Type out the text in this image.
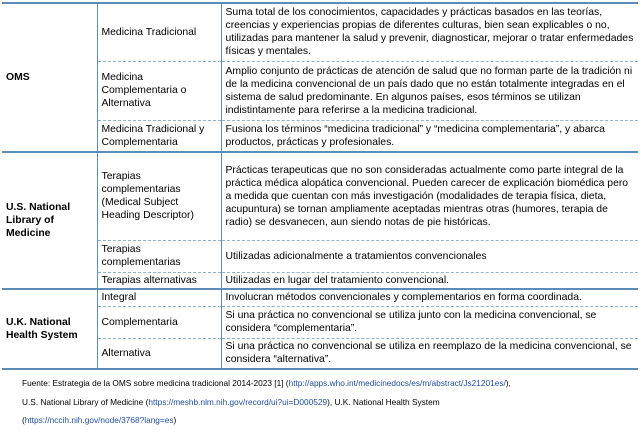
OMS	Medicina Tradicional	Suma total de los conocimientos, capacidades y prácticas basados en las teorías, creencias y experiencias propias de diferentes culturas, bien sean explicables o no, utilizadas para mantener la salud y prevenir, diagnosticar, mejorar o tratar enfermedades físicas y mentales.
	Medicina Complementaria o Alternativa	Amplio conjunto de prácticas de atención de salud que no forman parte de la tradición ni de la medicina convencional de un país dado que no están totalmente integradas en el sistema de salud predominante. En algunos países, esos términos se utilizan indistintamente para referirse a la medicina tradicional.
	Medicina Tradicional y Complementaria	Fusiona los términos “medicina tradicional” y “medicina complementaria”, y abarca productos, prácticas y profesionales.
U.S. National Library of Medicine	Terapias complementarias (Medical Subject Heading Descriptor)	Prácticas terapeuticas que no son consideradas actualmente como parte integral de la práctica médica alopática convencional. Pueden carecer de explicación biomédica pero a medida que cuentan con más investigación (modalidades de terapia física, dieta, acupuntura) se tornan ampliamente aceptadas mientras otras (humores, terapia de radio) se desvanecen, aun siendo notas de pie históricas.
	Terapias complementarias	Utilizadas adicionalmente a tratamientos convencionales
	Terapias alternativas	Utilizadas en lugar del tratamiento convencional.
U.K. National Health System	Integral	Involucran métodos convencionales y complementarios en forma coordinada.
	Complementaria	Si una práctica no convencional se utiliza junto con la medicina convencional, se considera “complementaria”.
	Alternativa	Si una práctica no convencional se utiliza en reemplazo de la medicina convencional, se considera “alternativa”.
Fuente: Estrategia de la OMS sobre medicina tradicional 2014-2023 [1] (http://apps.who.int/medicinedocs/es/m/abstract/Js21201es/),
U.S. National Library of Medicine (https://meshb.nlm.nih.gov/record/ui?ui=D000529), U.K. National Health System
(https://nccih.nih.gov/node/3768?lang=es)
